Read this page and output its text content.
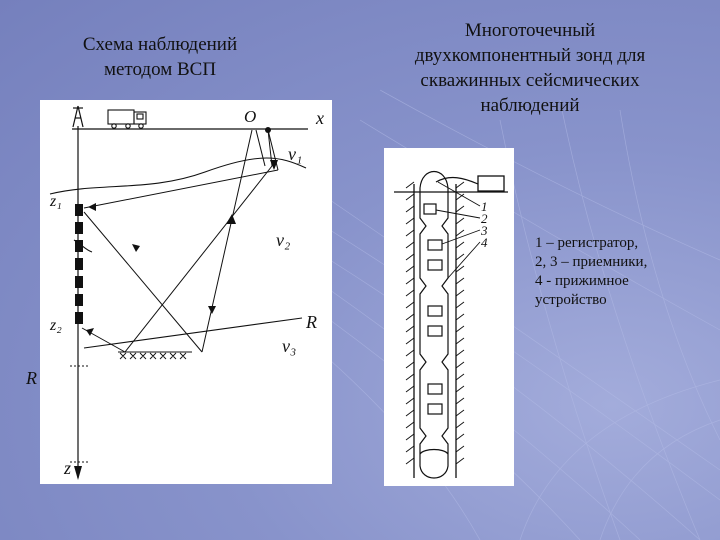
Схема наблюдений
методом ВСП
Многоточечный
двухкомпонентный зонд для
скважинных сейсмических
наблюдений
O	x
v₁
z₁
v₂
z₂	R
v₃
R
z
1
2
3
4	1 – регистратор,
2, 3 – приемники,
4 - прижимное
устройство
